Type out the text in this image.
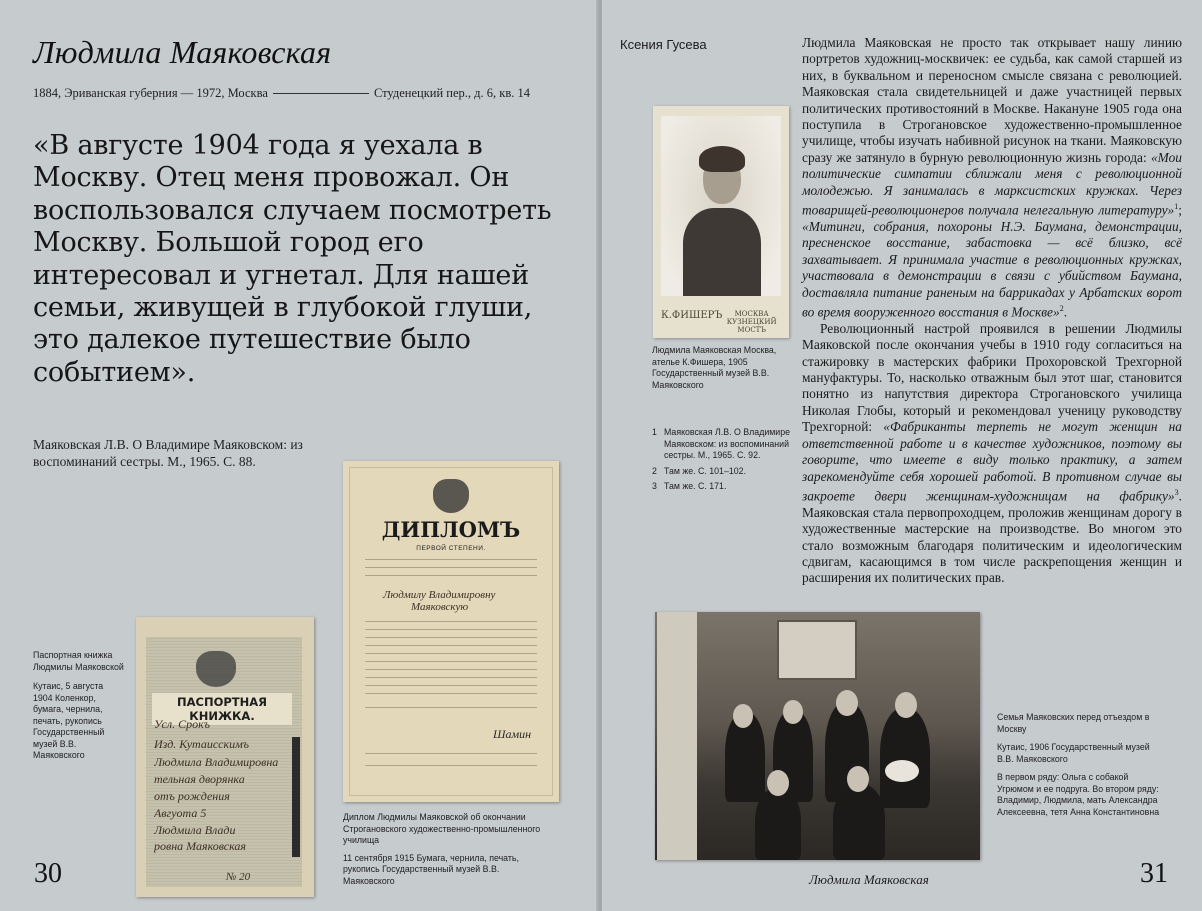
Людмила Маяковская
1884, Эриванская губерния — 1972, Москва	Студенецкий пер., д. 6, кв. 14
«В августе 1904 года я уехала в Москву. Отец меня провожал. Он воспользовался случаем посмотреть Москву. Большой город его интересовал и угнетал. Для нашей семьи, живущей в глубокой глуши, это далекое путешествие было событием».
Маяковская Л.В. О Владимире Маяковском: из воспоминаний сестры. М., 1965. С. 88.
Паспортная книжка Людмилы Маяковской
Кутаис, 5 августа 1904 Коленкор, бумага, чернила, печать, рукопись Государственный музей В.В. Маяковского
ПАСПОРТНАЯ КНИЖКА.
Усл. Срокъ
Изд. Кутаисскимъ
Людмила Владимировна
тельная дворянка
отъ рождения
Авгуота 5
Людмила Влади
ровна Маяковская
№ 20
ДИПЛОМЪ
ПЕРВОЙ СТЕПЕНИ.
Людмилу Владимировну
Маяковскую
Шамин
Диплом Людмилы Маяковской об окончании Строгановского художественно-промышленного училища
11 сентября 1915 Бумага, чернила, печать, рукопись Государственный музей В.В. Маяковского
30
Ксения Гусева	Людмила Маяковская не просто так открывает нашу линию портретов художниц-москвичек: ее судьба, как самой старшей из них, в буквальном и переносном смысле связана с революцией. Маяковская стала свидетельницей и даже участницей первых политических противостояний в Москве. Накануне 1905 года она поступила в Строгановское художественно-промышленное училище, чтобы изучать набивной рисунок на ткани. Маяковскую сразу же затянуло в бурную революционную жизнь города: «Мои политические симпатии сближали меня с революционной молодежью. Я занималась в марксистских кружках. Через товарищей-революционеров получала нелегальную литературу»$^1$; «Митинги, собрания, похороны Н.Э. Баумана, демонстрации, пресненское восстание, забастовка — всё близко, всё захватывает. Я принимала участие в революционных кружках, участвовала в демонстрации в связи с убийством Баумана, доставляла питание раненым на баррикадах у Арбатских ворот во время вооруженного восстания в Москве»$^2$.

Революционный настрой проявился в решении Людмилы Маяковской после окончания учебы в 1910 году согласиться на стажировку в мастерских фабрики Прохоровской Трехгорной мануфактуры. То, насколько отважным был этот шаг, становится понятно из напутствия директора Строгановского училища Николая Глобы, который и рекомендовал ученицу руководству Трехгорной: «Фабриканты терпеть не могут женщин на ответственной работе и в качестве художников, поэтому вы говорите, что имеете в виду только практику, а затем зарекомендуйте себя хорошей работой. В противном случае вы закроете двери женщинам-художницам на фабрику»$^3$. Маяковская стала первопроходцем, проложив женщинам дорогу в художественные мастерские на производстве. Во многом это стало возможным благодаря политическим и идеологическим сдвигам, касающимся в том числе раскрепощения женщин и расширения их политических прав.

К.ФИШЕРЪ	МОСКВА
КУЗНЕЦКИЙ МОСТЪ
Людмила Маяковская Москва, ателье К.Фишера, 1905 Государственный музей В.В. Маяковского
1 Маяковская Л.В. О Владимире Маяковском: из воспоминаний сестры. М., 1965. С. 92.
2 Там же. С. 101–102.
3 Там же. С. 171.
Семья Маяковских перед отъездом в Москву
Кутаис, 1906 Государственный музей В.В. Маяковского
В первом ряду: Ольга с собакой Угрюмом и ее подруга. Во втором ряду: Владимир, Людмила, мать Александра Алексеевна, тетя Анна Константиновна
Людмила Маяковская	31
